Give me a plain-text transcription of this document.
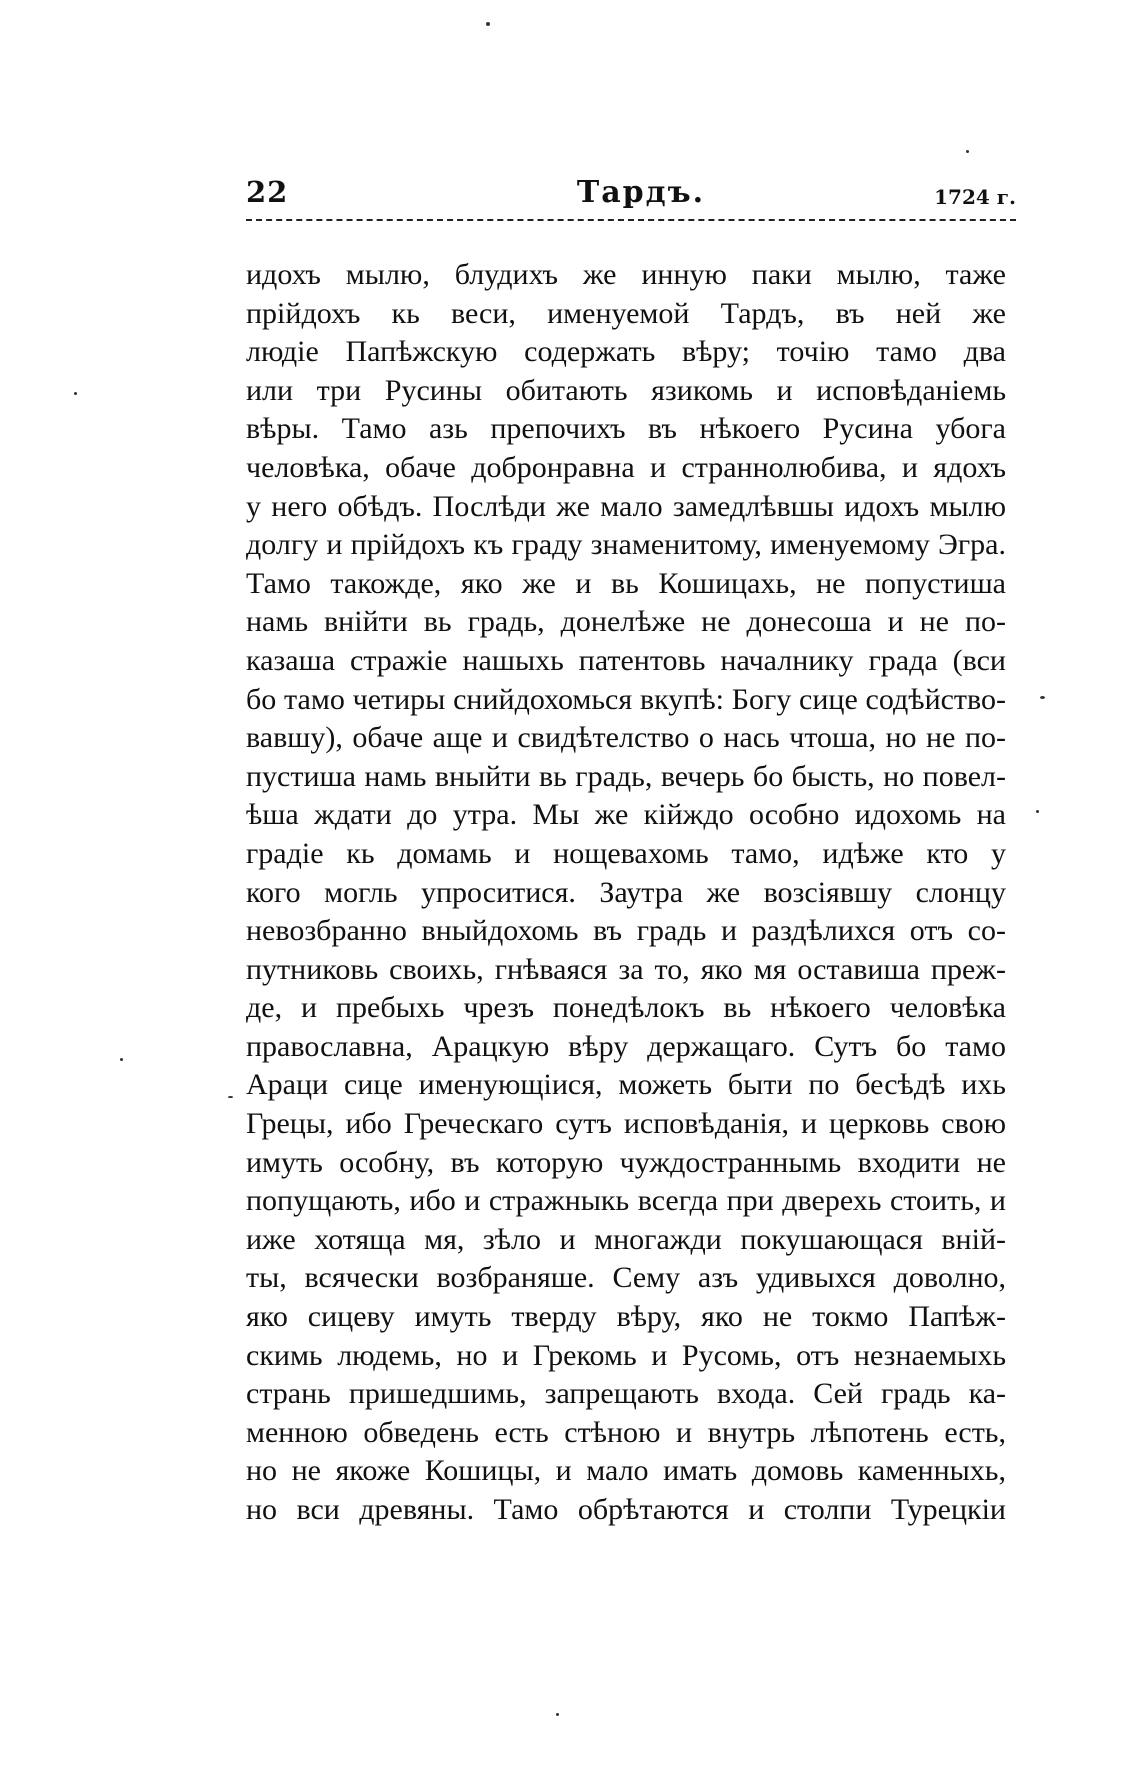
22	Тардъ.	1724 г.
идохъ мылю, блудихъ же инную паки мылю, таже
прійдохъ кь веси, именуемой Тардъ, въ ней же
людіе Папѣжскую содержать вѣру; точію тамо два
или три Русины обитають язикомь и исповѣданіемь
вѣры. Тамо азь препочихъ въ нѣкоего Русина убога
человѣка, обаче добронравна и страннолюбива, и ядохъ
у него обѣдъ. Послѣди же мало замедлѣвшы идохъ мылю
долгу и прійдохъ къ граду знаменитому, именуемому Эгра.
Тамо такожде, яко же и вь Кошицахь, не попустиша
намь внійти вь градь, донелѣже не донесоша и не по-
казаша стражіе нашыхь патентовь началнику града (вси
бо тамо четиры снийдохомься вкупѣ: Богу сице содѣйство-
вавшу), обаче аще и свидѣтелство о нась чтоша, но не по-
пустиша намь вныйти вь градь, вечерь бо бысть, но повел-
ѣша ждати до утра. Мы же кійждо особно идохомь на
градіе кь домамь и нощевахомь тамо, идѣже кто у
кого могль упроситися. Заутра же возсіявшу слонцу
невозбранно вныйдохомь въ градь и раздѣлихся отъ со-
путниковь своихь, гнѣваяся за то, яко мя оставиша преж-
де, и пребыхь чрезъ понедѣлокъ вь нѣкоего человѣка
православна, Арацкую вѣру держащаго. Сутъ бо тамо
Араци сице именующіися, можеть быти по бесѣдѣ ихь
Грецы, ибо Греческаго сутъ исповѣданія, и церковь свою
имуть особну, въ которую чуждостраннымь входити не
попущають, ибо и стражныкь всегда при дверехь стоить, и
иже хотяща мя, зѣло и многажди покушающася внiй-
ты, всячески возбраняше. Сему азъ удивыхся доволно,
яко сицеву имуть тверду вѣру, яко не токмо Папѣж-
скимь людемь, но и Грекомь и Русомь, отъ незнаемыхь
странь пришедшимь, запрещають входа. Сей градь ка-
менною обведень есть стѣною и внутрь лѣпотень есть,
но не якоже Кошицы, и мало имать домовь каменныхь,
но вси древяны. Тамо обрѣтаются и столпи Турецкіи
